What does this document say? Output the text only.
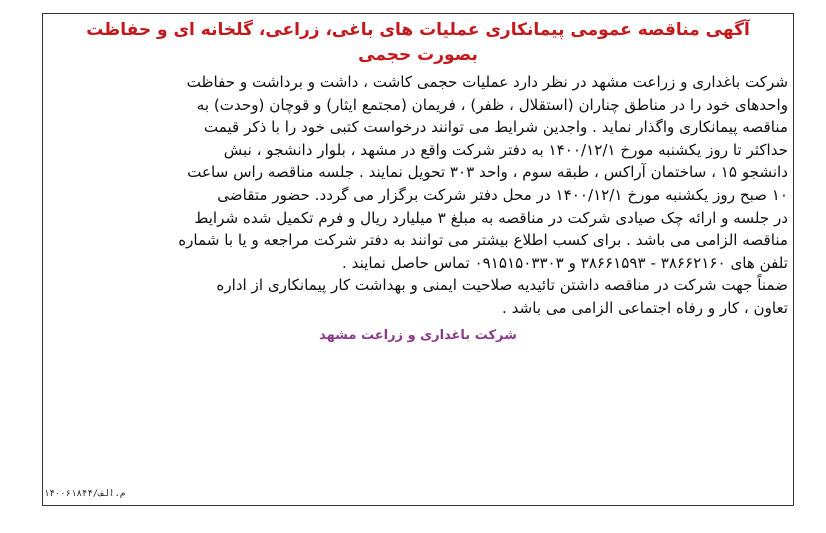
آگهی مناقصه عمومی پیمانکاری عملیات های باغی، زراعی، گلخانه ای و حفاظت
بصورت حجمی
شرکت باغداری و زراعت مشهد در نظر دارد عملیات حجمی کاشت ، داشت و برداشت و حفاظت
واحدهای خود را در مناطق چناران (استقلال ، ظفر) ، فریمان (مجتمع ایثار) و قوچان (وحدت) به
مناقصه پیمانکاری واگذار نماید . واجدین شرایط می توانند درخواست کتبی خود را با ذکر قیمت
حداکثر تا روز یکشنبه مورخ ۱۴۰۰/۱۲/۱ به دفتر شرکت واقع در مشهد ، بلوار دانشجو ، نبش
دانشجو ۱۵ ، ساختمان آراکس ، طبقه سوم ، واحد ۳۰۳ تحویل نمایند . جلسه مناقصه راس ساعت
۱۰ صبح روز یکشنبه مورخ ۱۴۰۰/۱۲/۱ در محل دفتر شرکت برگزار می گردد. حضور متقاضی
در جلسه و ارائه چک صیادی شرکت در مناقصه به مبلغ ۳ میلیارد ریال و فرم تکمیل شده شرایط
مناقصه الزامی می باشد . برای کسب اطلاع بیشتر می توانند به دفتر شرکت مراجعه و یا با شماره
تلفن های ۳۸۶۶۲۱۶۰ - ۳۸۶۶۱۵۹۳ و ۰۹۱۵۱۵۰۳۳۰۳ تماس حاصل نمایند .
ضمناً جهت شرکت در مناقصه داشتن تائیدیه صلاحیت ایمنی و بهداشت کار پیمانکاری از اداره
تعاون ، کار و رفاه اجتماعی الزامی می باشد .
شرکت باغداری و زراعت مشهد
م.الف/۱۴۰۰۶۱۸۴۴
